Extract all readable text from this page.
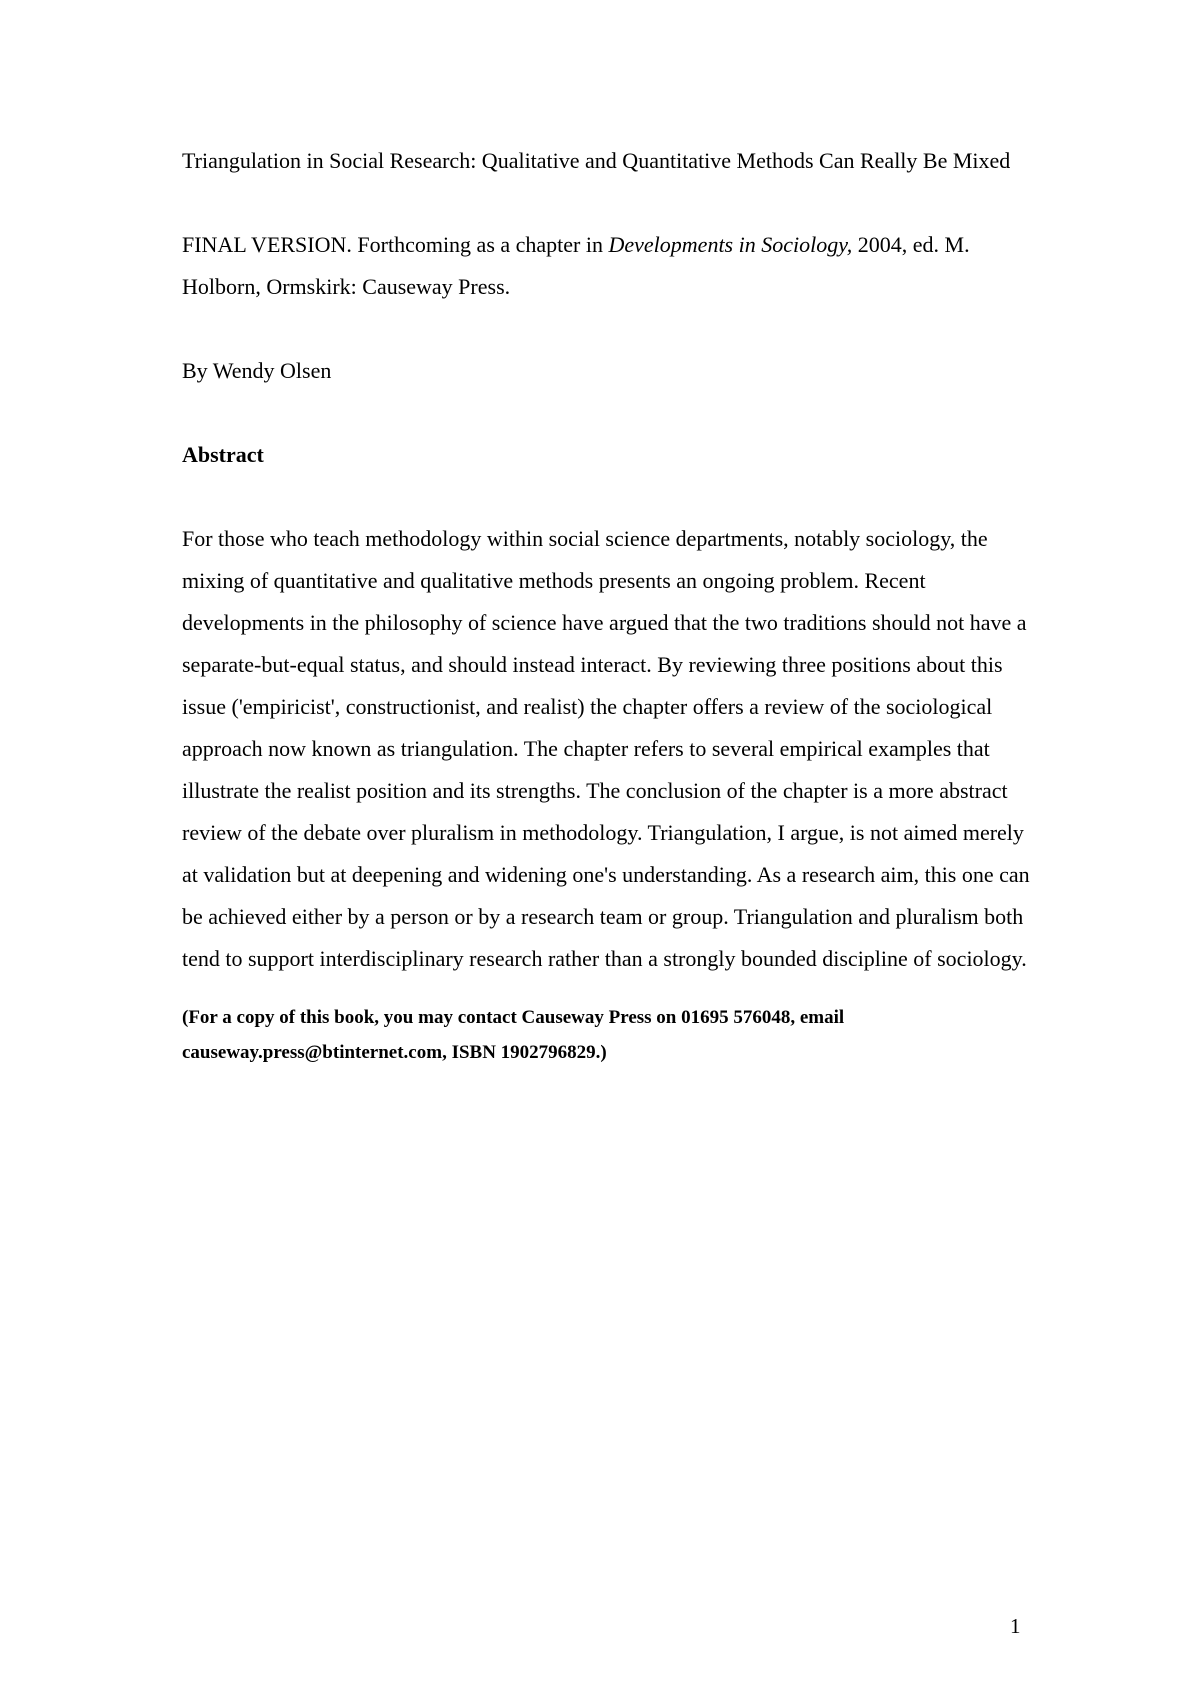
Triangulation in Social Research: Qualitative and Quantitative Methods Can Really Be Mixed

FINAL VERSION. Forthcoming as a chapter in Developments in Sociology, 2004, ed. M. Holborn, Ormskirk: Causeway Press.

By Wendy Olsen

Abstract

For those who teach methodology within social science departments, notably sociology, the mixing of quantitative and qualitative methods presents an ongoing problem. Recent developments in the philosophy of science have argued that the two traditions should not have a separate-but-equal status, and should instead interact. By reviewing three positions about this issue ('empiricist', constructionist, and realist) the chapter offers a review of the sociological approach now known as triangulation. The chapter refers to several empirical examples that illustrate the realist position and its strengths. The conclusion of the chapter is a more abstract review of the debate over pluralism in methodology. Triangulation, I argue, is not aimed merely at validation but at deepening and widening one's understanding. As a research aim, this one can be achieved either by a person or by a research team or group. Triangulation and pluralism both tend to support interdisciplinary research rather than a strongly bounded discipline of sociology.

(For a copy of this book, you may contact Causeway Press on 01695 576048, email causeway.press@btinternet.com, ISBN 1902796829.)

1
